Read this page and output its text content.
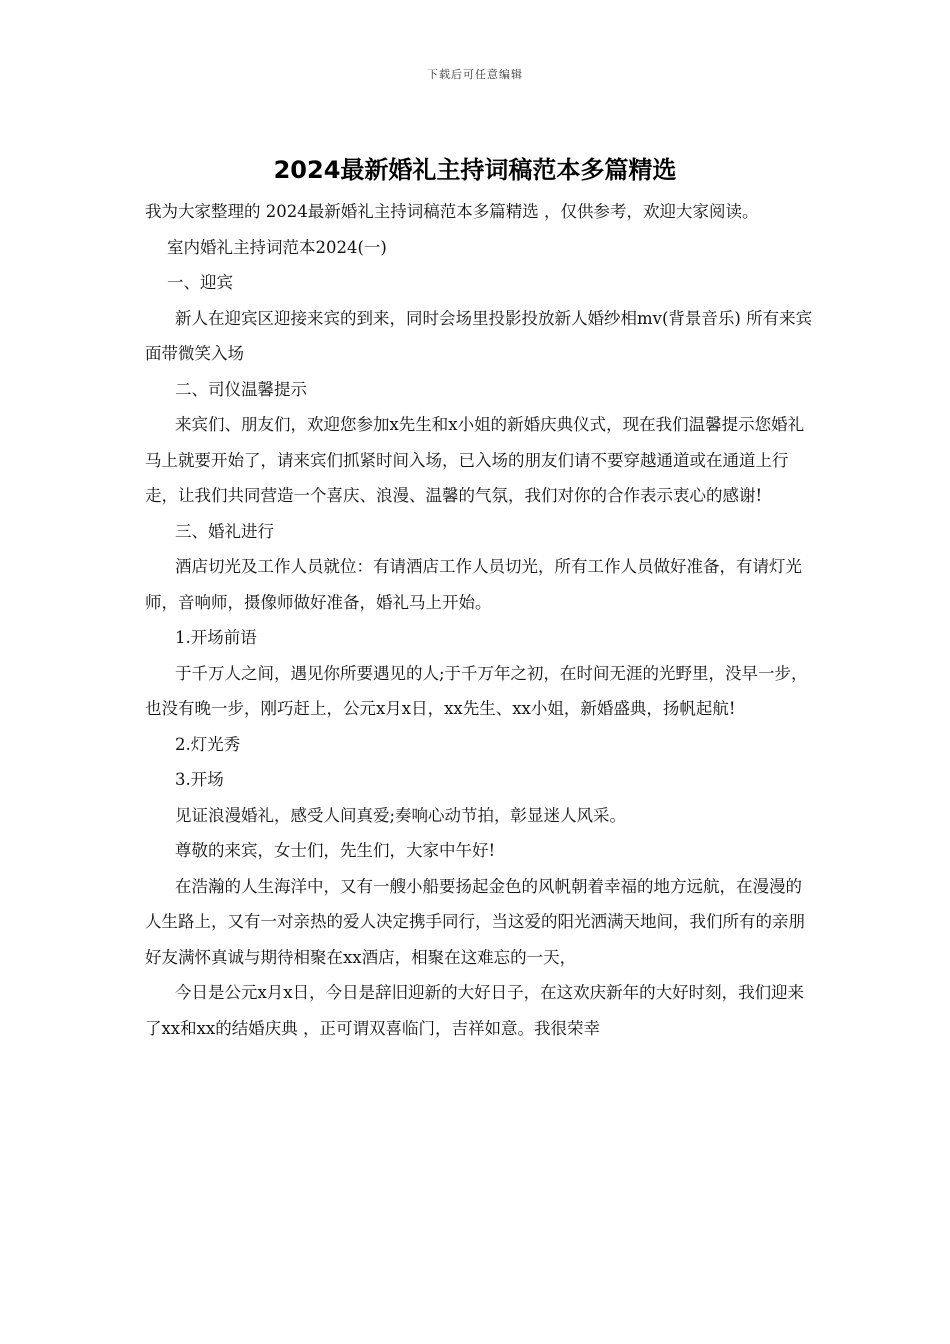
下载后可任意编辑
2024最新婚礼主持词稿范本多篇精选

我为大家整理的 2024最新婚礼主持词稿范本多篇精选 ，仅供参考，欢迎大家阅读。

室内婚礼主持词范本2024(一)

一、迎宾

新人在迎宾区迎接来宾的到来，同时会场里投影投放新人婚纱相mv(背景音乐) 所有来宾面带微笑入场

二、司仪温馨提示

来宾们、朋友们，欢迎您参加x先生和x小姐的新婚庆典仪式，现在我们温馨提示您婚礼马上就要开始了，请来宾们抓紧时间入场，已入场的朋友们请不要穿越通道或在通道上行走，让我们共同营造一个喜庆、浪漫、温馨的气氛，我们对你的合作表示衷心的感谢!

三、婚礼进行

酒店切光及工作人员就位：有请酒店工作人员切光，所有工作人员做好准备，有请灯光师，音响师，摄像师做好准备，婚礼马上开始。

1.开场前语

于千万人之间，遇见你所要遇见的人;于千万年之初，在时间无涯的光野里，没早一步，也没有晚一步，刚巧赶上，公元x月x日，xx先生、xx小姐，新婚盛典，扬帆起航!

2.灯光秀

3.开场

见证浪漫婚礼，感受人间真爱;奏响心动节拍，彰显迷人风采。

尊敬的来宾，女士们，先生们，大家中午好!

在浩瀚的人生海洋中，又有一艘小船要扬起金色的风帆朝着幸福的地方远航，在漫漫的人生路上，又有一对亲热的爱人决定携手同行，当这爱的阳光洒满天地间，我们所有的亲朋好友满怀真诚与期待相聚在xx酒店，相聚在这难忘的一天，

今日是公元x月x日，今日是辞旧迎新的大好日子，在这欢庆新年的大好时刻，我们迎来了xx和xx的结婚庆典 ，正可谓双喜临门，吉祥如意。我很荣幸
